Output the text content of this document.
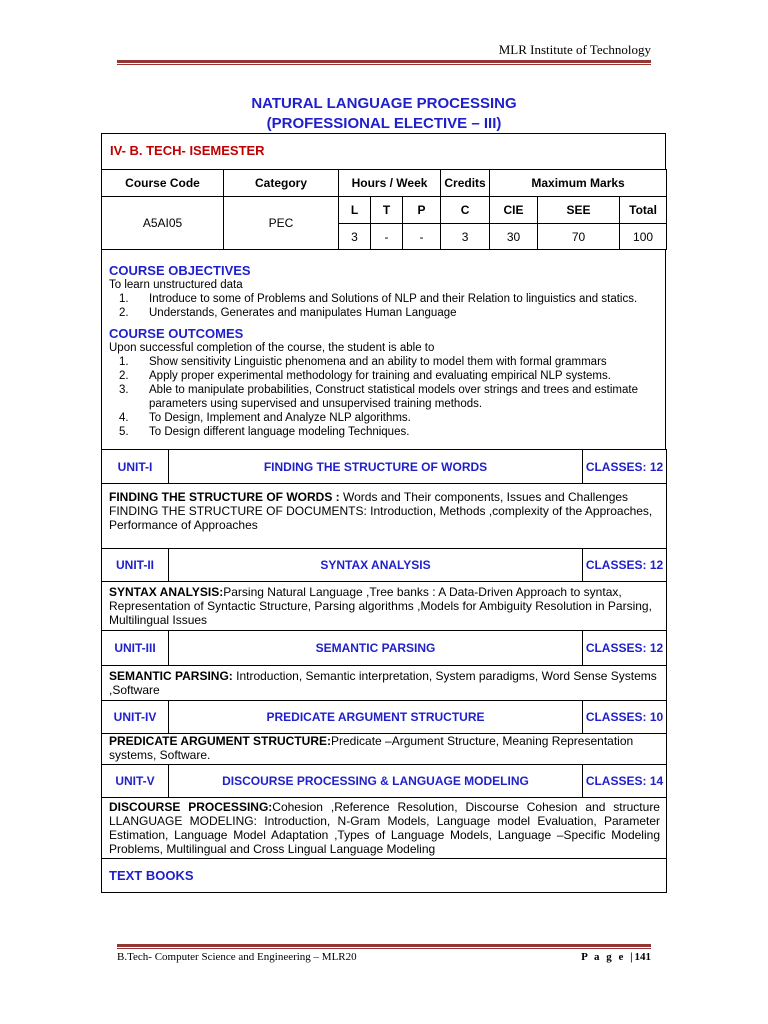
MLR Institute of Technology
NATURAL LANGUAGE PROCESSING
(PROFESSIONAL ELECTIVE – III)
IV- B. TECH- ISEMESTER
Course Code	Category	Hours / Week			Credits	Maximum Marks		
A5AI05	PEC	L	T	P	C	CIE	SEE	Total
		3	-	-	3	30	70	100
COURSE OBJECTIVES
To learn unstructured data
1. Introduce to some of Problems and Solutions of NLP and their Relation to linguistics and statics.
2. Understands, Generates and manipulates Human Language
COURSE OUTCOMES
Upon successful completion of the course, the student is able to
1. Show sensitivity Linguistic phenomena and an ability to model them with formal grammars
2. Apply proper experimental methodology for training and evaluating empirical NLP systems.
3. Able to manipulate probabilities, Construct statistical models over strings and trees and estimate parameters using supervised and unsupervised training methods.
4. To Design, Implement and Analyze NLP algorithms.
5. To Design different language modeling Techniques.
UNIT-I	FINDING THE STRUCTURE OF WORDS	CLASSES: 12
FINDING THE STRUCTURE OF WORDS : Words and Their components, Issues and Challenges FINDING THE STRUCTURE OF DOCUMENTS: Introduction, Methods ,complexity of the Approaches, Performance of Approaches		
UNIT-II	SYNTAX ANALYSIS	CLASSES: 12
SYNTAX ANALYSIS:Parsing Natural Language ,Tree banks : A Data-Driven Approach to syntax, Representation of Syntactic Structure, Parsing algorithms ,Models for Ambiguity Resolution in Parsing, Multilingual Issues		
UNIT-III	SEMANTIC PARSING	CLASSES: 12
SEMANTIC PARSING: Introduction, Semantic interpretation, System paradigms, Word Sense Systems ,Software		
UNIT-IV	PREDICATE ARGUMENT STRUCTURE	CLASSES: 10
PREDICATE ARGUMENT STRUCTURE:Predicate –Argument Structure, Meaning Representation systems, Software.		
UNIT-V	DISCOURSE PROCESSING & LANGUAGE MODELING	CLASSES: 14
DISCOURSE PROCESSING:Cohesion ,Reference Resolution, Discourse Cohesion and structure LLANGUAGE MODELING: Introduction, N-Gram Models, Language model Evaluation, Parameter Estimation, Language Model Adaptation ,Types of Language Models, Language –Specific Modeling Problems, Multilingual and Cross Lingual Language Modeling		
TEXT BOOKS		
B.Tech- Computer Science and Engineering – MLR20	P a g e |141
